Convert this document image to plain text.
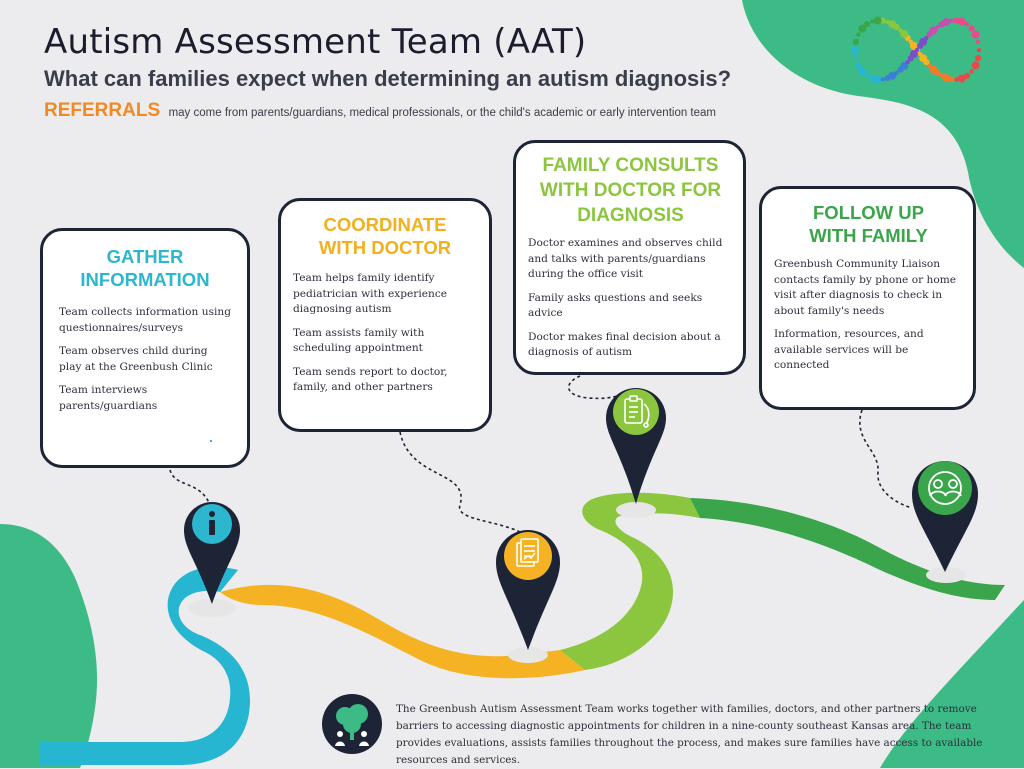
Autism Assessment Team (AAT)
What can families expect when determining an autism diagnosis?
REFERRALS may come from parents/guardians, medical professionals, or the child's academic or early intervention team
GATHER
INFORMATION

Team collects information using questionnaires/surveys

Team observes child during play at the Greenbush Clinic

Team interviews parents/guardians

COORDINATE
WITH DOCTOR

Team helps family identify pediatrician with experience diagnosing autism

Team assists family with scheduling appointment

Team sends report to doctor, family, and other partners

FAMILY CONSULTS
WITH DOCTOR FOR
DIAGNOSIS

Doctor examines and observes child and talks with parents/guardians during the office visit

Family asks questions and seeks advice

Doctor makes final decision about a diagnosis of autism

FOLLOW UP
WITH FAMILY

Greenbush Community Liaison contacts family by phone or home visit after diagnosis to check in about family's needs

Information, resources, and available services will be connected

The Greenbush Autism Assessment Team works together with families, doctors, and other partners to remove barriers to accessing diagnostic appointments for children in a nine-county southeast Kansas area. The team provides evaluations, assists families throughout the process, and makes sure families have access to available resources and services.
